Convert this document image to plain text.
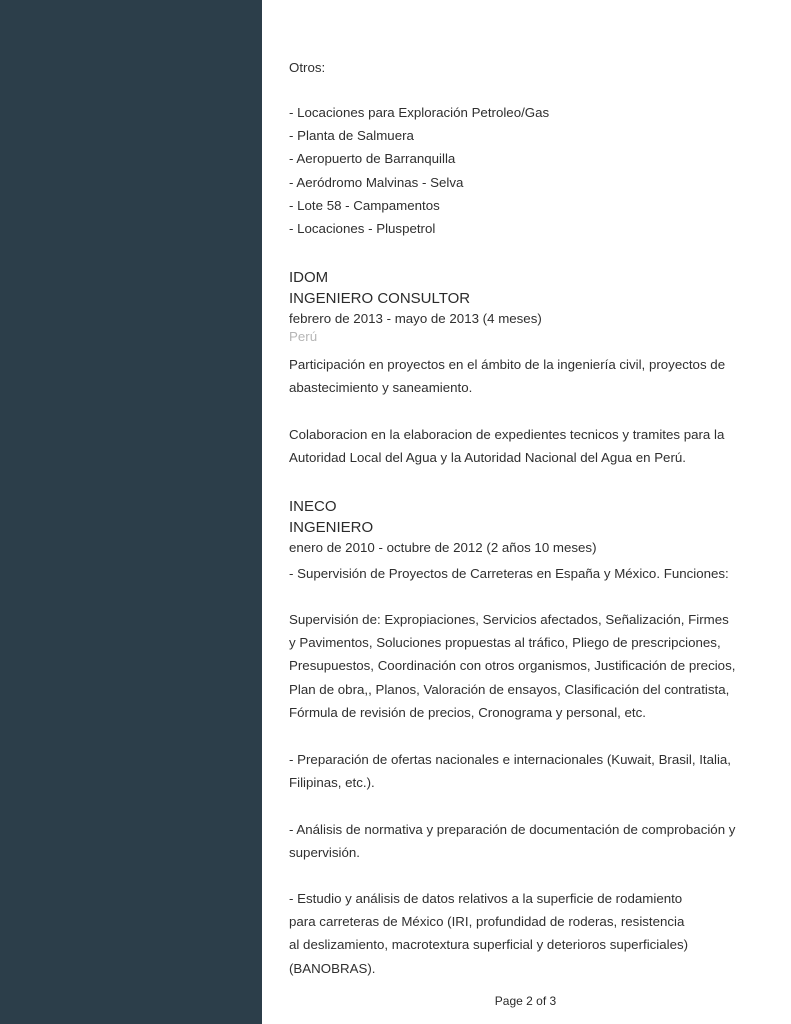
Otros:
- Locaciones para Exploración Petroleo/Gas
- Planta de Salmuera
- Aeropuerto de Barranquilla
- Aeródromo Malvinas - Selva
- Lote 58 - Campamentos
- Locaciones - Pluspetrol
IDOM
INGENIERO CONSULTOR
febrero de 2013 - mayo de 2013 (4 meses)
Perú
Participación en proyectos en el ámbito de la ingeniería civil, proyectos de
abastecimiento y saneamiento.
Colaboracion en la elaboracion de expedientes tecnicos y tramites para la
Autoridad Local del Agua y la Autoridad Nacional del Agua en Perú.
INECO
INGENIERO
enero de 2010 - octubre de 2012 (2 años 10 meses)
- Supervisión de Proyectos de Carreteras en España y México. Funciones:
Supervisión de: Expropiaciones, Servicios afectados, Señalización, Firmes
y Pavimentos, Soluciones propuestas al tráfico, Pliego de prescripciones,
Presupuestos, Coordinación con otros organismos, Justificación de precios,
Plan de obra,, Planos, Valoración de ensayos, Clasificación del contratista,
Fórmula de revisión de precios, Cronograma y personal, etc.
- Preparación de ofertas nacionales e internacionales (Kuwait, Brasil, Italia,
Filipinas, etc.).
- Análisis de normativa y preparación de documentación de comprobación y
supervisión.
- Estudio y análisis de datos relativos a la superficie de rodamiento
para carreteras de México (IRI, profundidad de roderas, resistencia
al deslizamiento, macrotextura superficial y deterioros superficiales)
(BANOBRAS).
Page 2 of 3
